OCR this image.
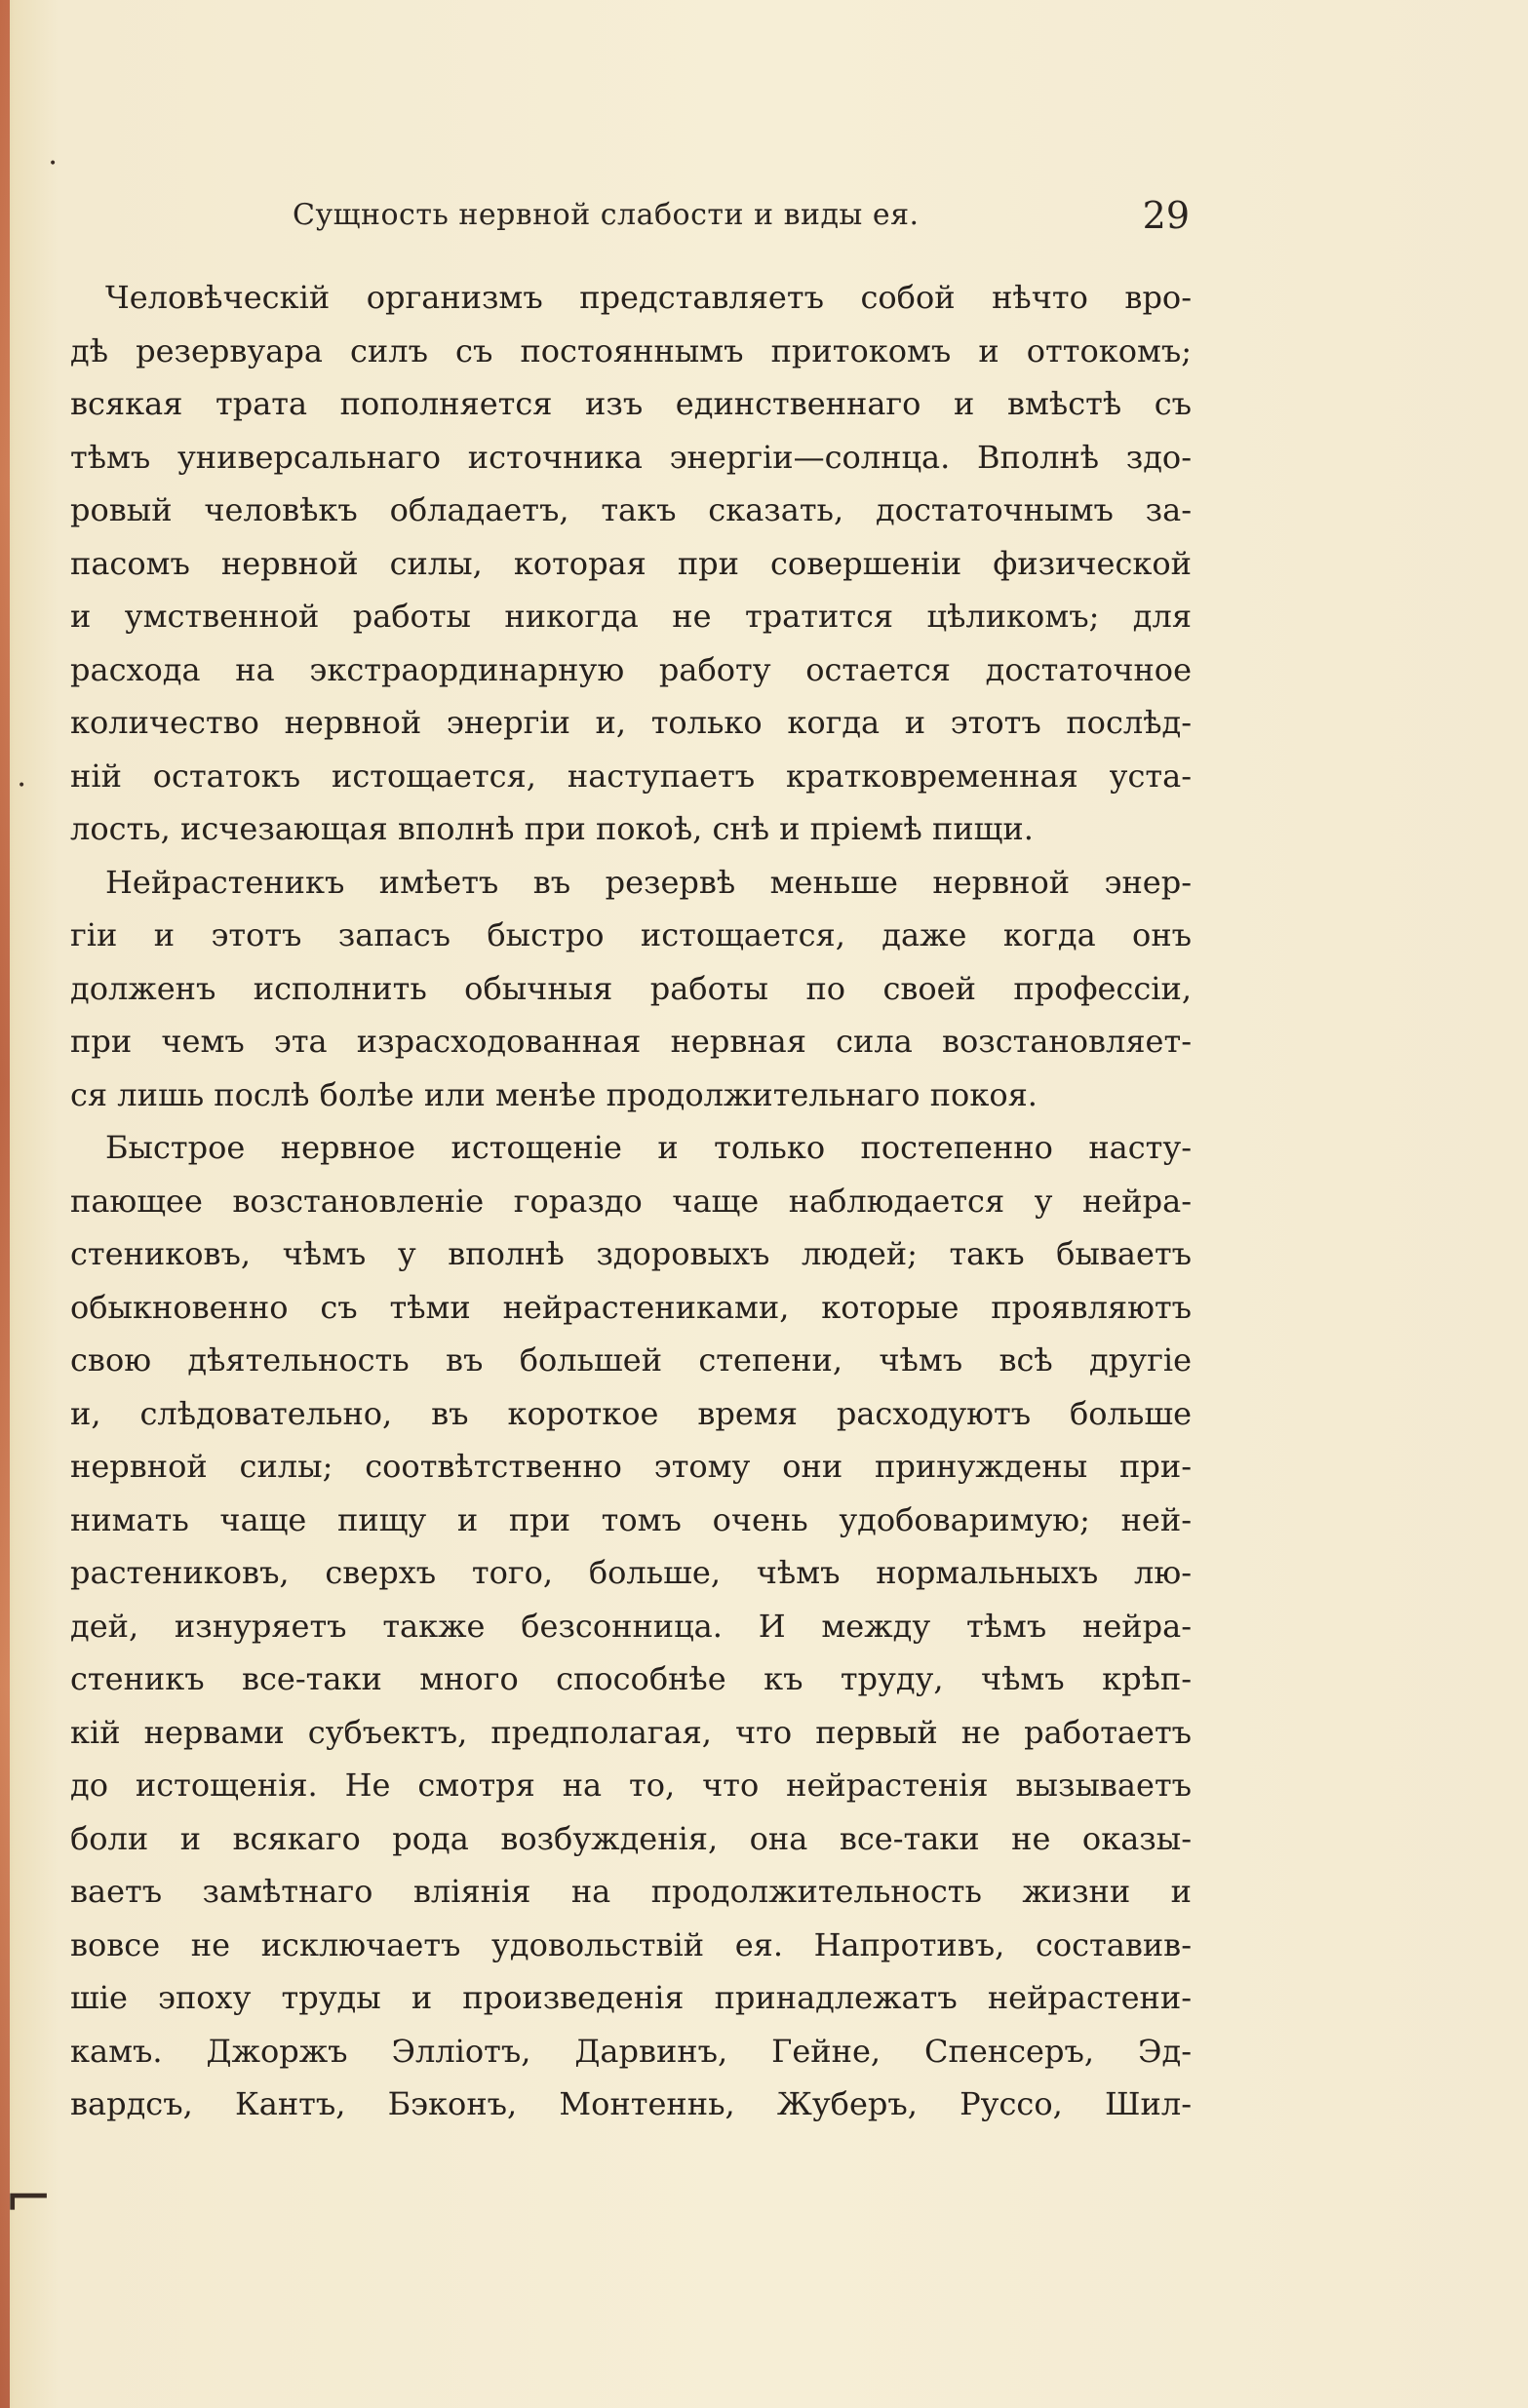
Сущность нервной слабости и виды ея.	29
Человѣческій организмъ представляетъ собой нѣчто вро-
дѣ резервуара силъ съ постояннымъ притокомъ и оттокомъ;
всякая трата пополняется изъ единственнаго и вмѣстѣ съ
тѣмъ универсальнаго источника энергіи—солнца. Вполнѣ здо-
ровый человѣкъ обладаетъ, такъ сказать, достаточнымъ за-
пасомъ нервной силы, которая при совершеніи физической
и умственной работы никогда не тратится цѣликомъ; для
расхода на экстраординарную работу остается достаточное
количество нервной энергіи и, только когда и этотъ послѣд-
ній остатокъ истощается, наступаетъ кратковременная уста-
лость, исчезающая вполнѣ при покоѣ, снѣ и пріемѣ пищи.
Нейрастеникъ имѣетъ въ резервѣ меньше нервной энер-
гіи и этотъ запасъ быстро истощается, даже когда онъ
долженъ исполнить обычныя работы по своей профессіи,
при чемъ эта израсходованная нервная сила возстановляет-
ся лишь послѣ болѣе или менѣе продолжительнаго покоя.
Быстрое нервное истощеніе и только постепенно насту-
пающее возстановленіе гораздо чаще наблюдается у нейра-
стениковъ, чѣмъ у вполнѣ здоровыхъ людей; такъ бываетъ
обыкновенно съ тѣми нейрастениками, которые проявляютъ
свою дѣятельность въ большей степени, чѣмъ всѣ другіе
и, слѣдовательно, въ короткое время расходуютъ больше
нервной силы; соотвѣтственно этому они принуждены при-
нимать чаще пищу и при томъ очень удобоваримую; ней-
растениковъ, сверхъ того, больше, чѣмъ нормальныхъ лю-
дей, изнуряетъ также безсонница. И между тѣмъ нейра-
стеникъ все-таки много способнѣе къ труду, чѣмъ крѣп-
кій нервами субъектъ, предполагая, что первый не работаетъ
до истощенія. Не смотря на то, что нейрастенія вызываетъ
боли и всякаго рода возбужденія, она все-таки не оказы-
ваетъ замѣтнаго вліянія на продолжительность жизни и
вовсе не исключаетъ удовольствій ея. Напротивъ, составив-
шіе эпоху труды и произведенія принадлежатъ нейрастени-
камъ. Джоржъ Эллiотъ, Дарвинъ, Гейне, Спенсеръ, Эд-
вардсъ, Кантъ, Бэконъ, Монтеннь, Жуберъ, Руссо, Шил-
•
•
⌐
